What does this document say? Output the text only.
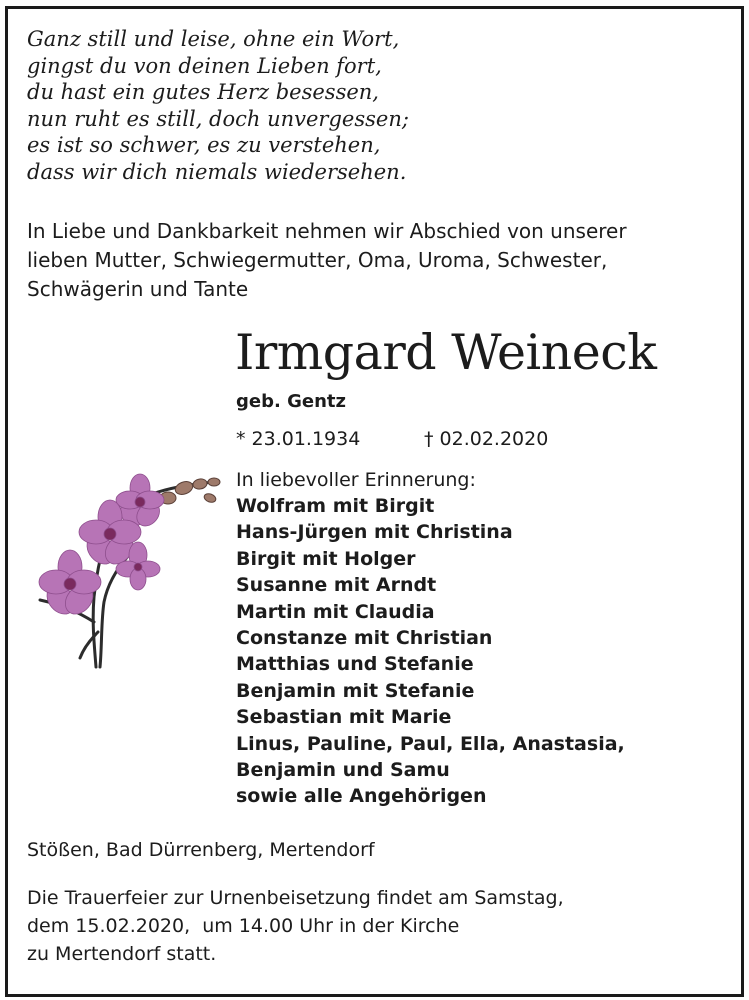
Ganz still und leise, ohne ein Wort,
gingst du von deinen Lieben fort,
du hast ein gutes Herz besessen,
nun ruht es still, doch unvergessen;
es ist so schwer, es zu verstehen,
dass wir dich niemals wiedersehen.
In Liebe und Dankbarkeit nehmen wir Abschied von unserer
lieben Mutter, Schwiegermutter, Oma, Uroma, Schwester,
Schwägerin und Tante
Irmgard Weineck
geb. Gentz
* 23.01.1934	† 02.02.2020
In liebevoller Erinnerung:
Wolfram mit Birgit
Hans-Jürgen mit Christina
Birgit mit Holger
Susanne mit Arndt
Martin mit Claudia
Constanze mit Christian
Matthias und Stefanie
Benjamin mit Stefanie
Sebastian mit Marie
Linus, Pauline, Paul, Ella, Anastasia,
Benjamin und Samu
sowie alle Angehörigen
Stößen, Bad Dürrenberg, Mertendorf
Die Trauerfeier zur Urnenbeisetzung findet am Samstag,
dem 15.02.2020,  um 14.00 Uhr in der Kirche
zu Mertendorf statt.
